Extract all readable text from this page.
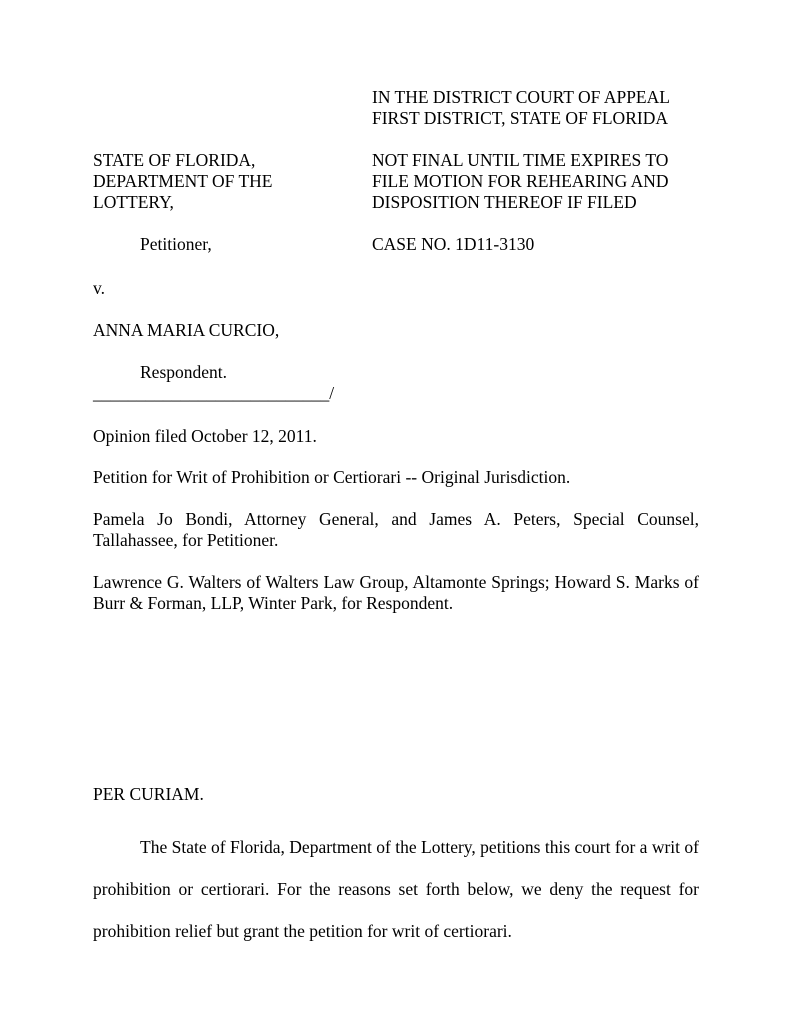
IN THE DISTRICT COURT OF APPEAL
FIRST DISTRICT, STATE OF FLORIDA
STATE OF FLORIDA,
DEPARTMENT OF THE
LOTTERY,
NOT FINAL UNTIL TIME EXPIRES TO
FILE MOTION FOR REHEARING AND
DISPOSITION THEREOF IF FILED
Petitioner,	CASE NO. 1D11-3130
v.
ANNA MARIA CURCIO,
Respondent.
___________________________/
Opinion filed October 12, 2011.
Petition for Writ of Prohibition or Certiorari -- Original Jurisdiction.
Pamela Jo Bondi, Attorney General, and James A. Peters, Special Counsel, Tallahassee, for Petitioner.
Lawrence G. Walters of Walters Law Group, Altamonte Springs; Howard S. Marks of Burr & Forman, LLP, Winter Park, for Respondent.
PER CURIAM.
The State of Florida, Department of the Lottery, petitions this court for a writ of prohibition or certiorari. For the reasons set forth below, we deny the request for prohibition relief but grant the petition for writ of certiorari.
